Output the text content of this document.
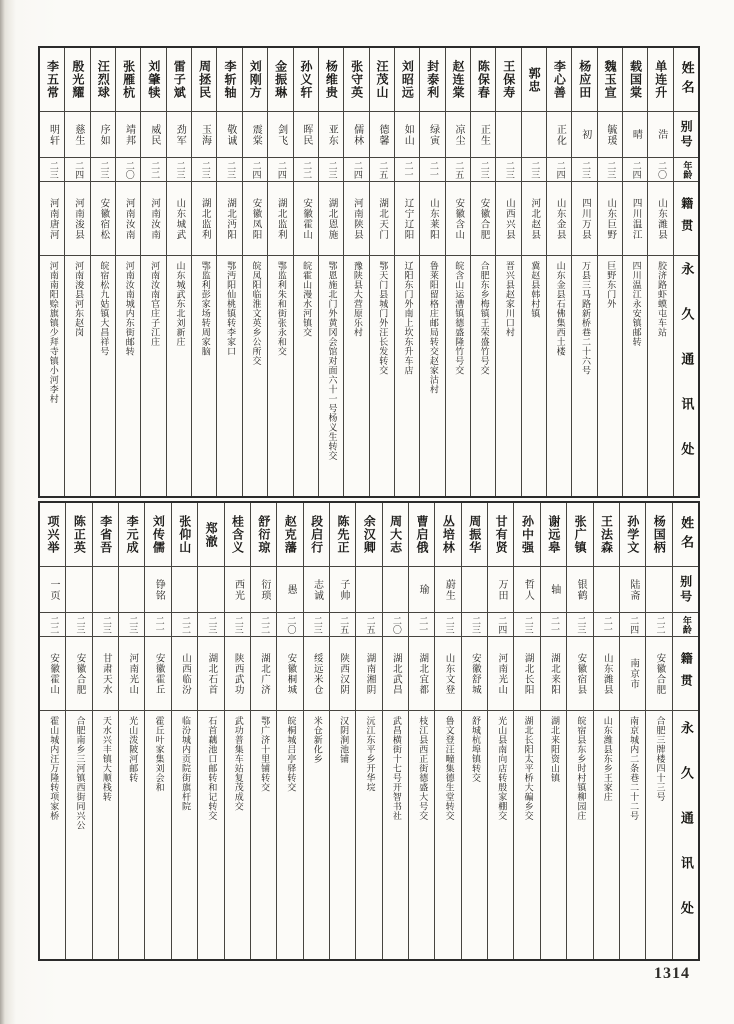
姓名
别号
年龄
籍贯
永久通讯处
单连升
浩
二〇
山东潍县
胶济路虾蟆屯车站
载国棠
晴
二四
四川温江
四川温江永安镇邮转
魏玉宣
毓瑗
二三
山东巨野
巨野东门外
杨应田
初
二三
四川万县
万县三马路新桥巷二十六号
李心善
正化
二四
山东金县
山东金县石佛集西土楼
郭忠
二三
河北赵县
冀赵县韩村镇
王保寿
二三
山西兴县
晋兴县赵家川口村
陈保春
正生
二三
安徽合肥
合肥东乡梅镇王荣盛竹号交
赵连棠
凉尘
二五
安徽含山
皖含山运漕镇德盛隆竹号交
封泰利
绿寅
二一
山东莱阳
鲁莱阳留格庄邮局转交赵家沽村
刘昭远
如山
二一
辽宁辽阳
辽阳东门外南上坎东升车店
汪茂山
德馨
二五
湖北天门
鄂天门县城门外汪长发转交
张守英
儒林
二四
河南陕县
豫陕县大营原乐村
杨维贵
亚东
二三
湖北恩施
鄂恩施北门外黄冈会馆对面六十一号杨义生转交
孙义轩
晖民
二二
安徽霍山
皖霍山漫水河镇交
金振琳
剑飞
二四
湖北监利
鄂监利朱和街张永和交
刘刚方
震棠
二四
安徽凤阳
皖凤阳临淮文英乡公所交
李斩轴
敬诚
二三
湖北沔阳
鄂沔阳仙桃镇转李家口
周拯民
玉海
二三
湖北监利
鄂监利彭家场转周家脑
雷子斌
劲军
二三
山东城武
山东城武东北刘新庄
刘肇犊
威民
二二
河南汝南
河南汝南官庄子江庄
张雁杭
靖邦
二〇
河南汝南
河南汝南城内东街邮转
汪烈球
序如
二三
安徽宿松
皖宿松九姑镇大昌祥号
殷光耀
慈生
二四
河南浚县
河南浚县河东赵岗
李五常
明轩
二三
河南唐河
河南南阳赊旗镇少拜寺镇小河李村
姓名
别号
年龄
籍贯
永久通讯处
杨国柄
二二
安徽合肥
合肥三牌楼四十三号
孙学文
陆斋
二四
南京市
南京城内二条巷二十二号
王法森
二一
山东潍县
山东潍县东乡王家庄
张广镇
银鹤
二三
安徽宿县
皖宿县东乡时村镇柳园庄
谢远皋
轴
二一
湖北来阳
湖北来阳资山镇
孙中强
哲人
二三
湖北长阳
湖北长阳太平桥大碥乡交
甘有贤
万田
二四
河南光山
光山县南向店转殷家棚交
周振华
二三
安徽舒城
舒城杭埠镇转交
丛培林
蔚生
二三
山东文登
鲁文登汪疃集德生堂转交
曹启俄
瑜
二一
湖北宜都
枝江县西正街德盛大号交
周大志
二〇
湖北武昌
武昌横街十七号开智书社
余汉卿
二五
湖南湘阴
沅江东平乡开华垸
陈先正
子帅
二五
陕西汉阴
汉阴涧池铺
段启行
志诚
二三
绥远米仓
米仓新化乡
赵克藩
愚
二〇
安徽桐城
皖桐城吕亭驿转交
舒衍琼
衍琐
二二
湖北广济
鄂广济十里铺转交
桂含义
西光
二三
陕西武功
武功普集车站复茂成交
郑澈
二三
湖北石首
石首藕池口邮转和记转交
张仰山
二二
山西临汾
临汾城内贡院街旗杆院
刘传儒
铮铭
二一
安徽霍丘
霍丘叶家集刘会和
李元成
二三
河南光山
光山泼陂河邮转
李省吾
二三
甘肃天水
天水兴丰镇大顺栈转
陈正英
二三
安徽合肥
合肥南乡三河镇西街同兴公
项兴举
一页
二二
安徽霍山
霍山城内汪万隆转项家桥
1314
